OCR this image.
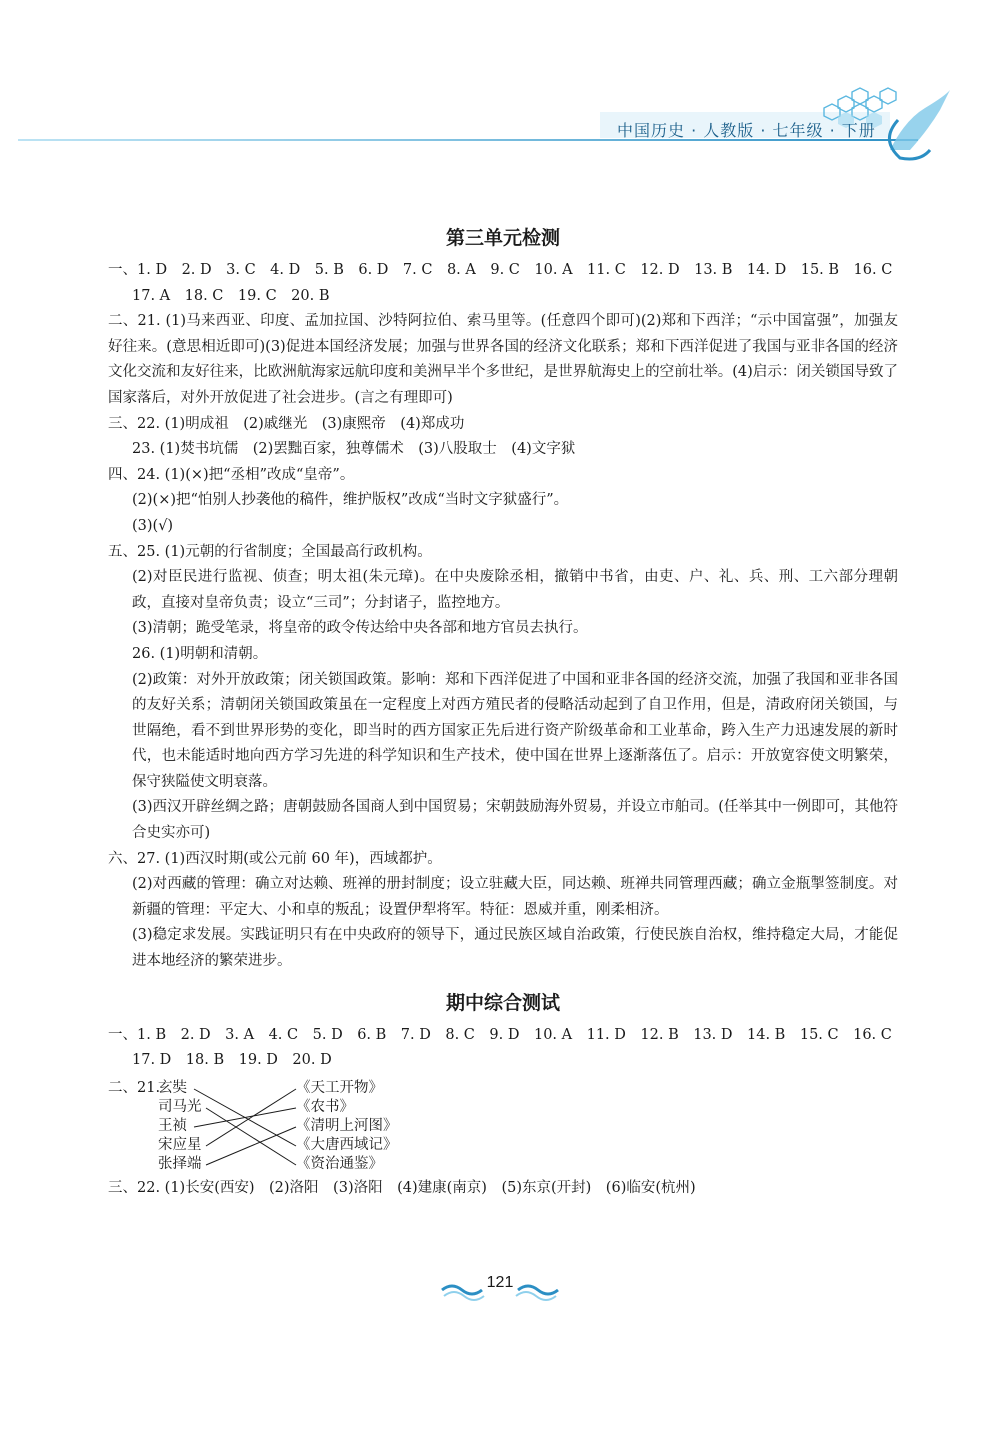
中国历史 · 人教版 · 七年级 · 下册
第三单元检测
一、1. D　2. D　3. C　4. D　5. B　6. D　7. C　8. A　9. C　10. A　11. C　12. D　13. B　14. D　15. B　16. C
17. A　18. C　19. C　20. B
二、21. (1)马来西亚、印度、孟加拉国、沙特阿拉伯、索马里等。(任意四个即可)(2)郑和下西洋；“示中国富强”，加强友好往来。(意思相近即可)(3)促进本国经济发展；加强与世界各国的经济文化联系；郑和下西洋促进了我国与亚非各国的经济文化交流和友好往来，比欧洲航海家远航印度和美洲早半个多世纪，是世界航海史上的空前壮举。(4)启示：闭关锁国导致了国家落后，对外开放促进了社会进步。(言之有理即可)
三、22. (1)明成祖　(2)戚继光　(3)康熙帝　(4)郑成功
23. (1)焚书坑儒　(2)罢黜百家，独尊儒术　(3)八股取士　(4)文字狱
四、24. (1)(×)把“丞相”改成“皇帝”。
(2)(×)把“怕别人抄袭他的稿件，维护版权”改成“当时文字狱盛行”。
(3)(√)
五、25. (1)元朝的行省制度；全国最高行政机构。
(2)对臣民进行监视、侦查；明太祖(朱元璋)。在中央废除丞相，撤销中书省，由吏、户、礼、兵、刑、工六部分理朝政，直接对皇帝负责；设立“三司”；分封诸子，监控地方。
(3)清朝；跪受笔录，将皇帝的政令传达给中央各部和地方官员去执行。
26. (1)明朝和清朝。
(2)政策：对外开放政策；闭关锁国政策。影响：郑和下西洋促进了中国和亚非各国的经济交流，加强了我国和亚非各国的友好关系；清朝闭关锁国政策虽在一定程度上对西方殖民者的侵略活动起到了自卫作用，但是，清政府闭关锁国，与世隔绝，看不到世界形势的变化，即当时的西方国家正先后进行资产阶级革命和工业革命，跨入生产力迅速发展的新时代，也未能适时地向西方学习先进的科学知识和生产技术，使中国在世界上逐渐落伍了。启示：开放宽容使文明繁荣，保守狭隘使文明衰落。
(3)西汉开辟丝绸之路；唐朝鼓励各国商人到中国贸易；宋朝鼓励海外贸易，并设立市舶司。(任举其中一例即可，其他符合史实亦可)
六、27. (1)西汉时期(或公元前 60 年)，西域都护。
(2)对西藏的管理：确立对达赖、班禅的册封制度；设立驻藏大臣，同达赖、班禅共同管理西藏；确立金瓶掣签制度。对新疆的管理：平定大、小和卓的叛乱；设置伊犁将军。特征：恩威并重，刚柔相济。
(3)稳定求发展。实践证明只有在中央政府的领导下，通过民族区域自治政策，行使民族自治权，维持稳定大局，才能促进本地经济的繁荣进步。
期中综合测试
一、1. B　2. D　3. A　4. C　5. D　6. B　7. D　8. C　9. D　10. A　11. D　12. B　13. D　14. B　15. C　16. C
17. D　18. B　19. D　20. D
二、21.
玄奘
司马光
王祯
宋应星
张择端
《天工开物》
《农书》
《清明上河图》
《大唐西域记》
《资治通鉴》
三、22. (1)长安(西安)　(2)洛阳　(3)洛阳　(4)建康(南京)　(5)东京(开封)　(6)临安(杭州)
121
